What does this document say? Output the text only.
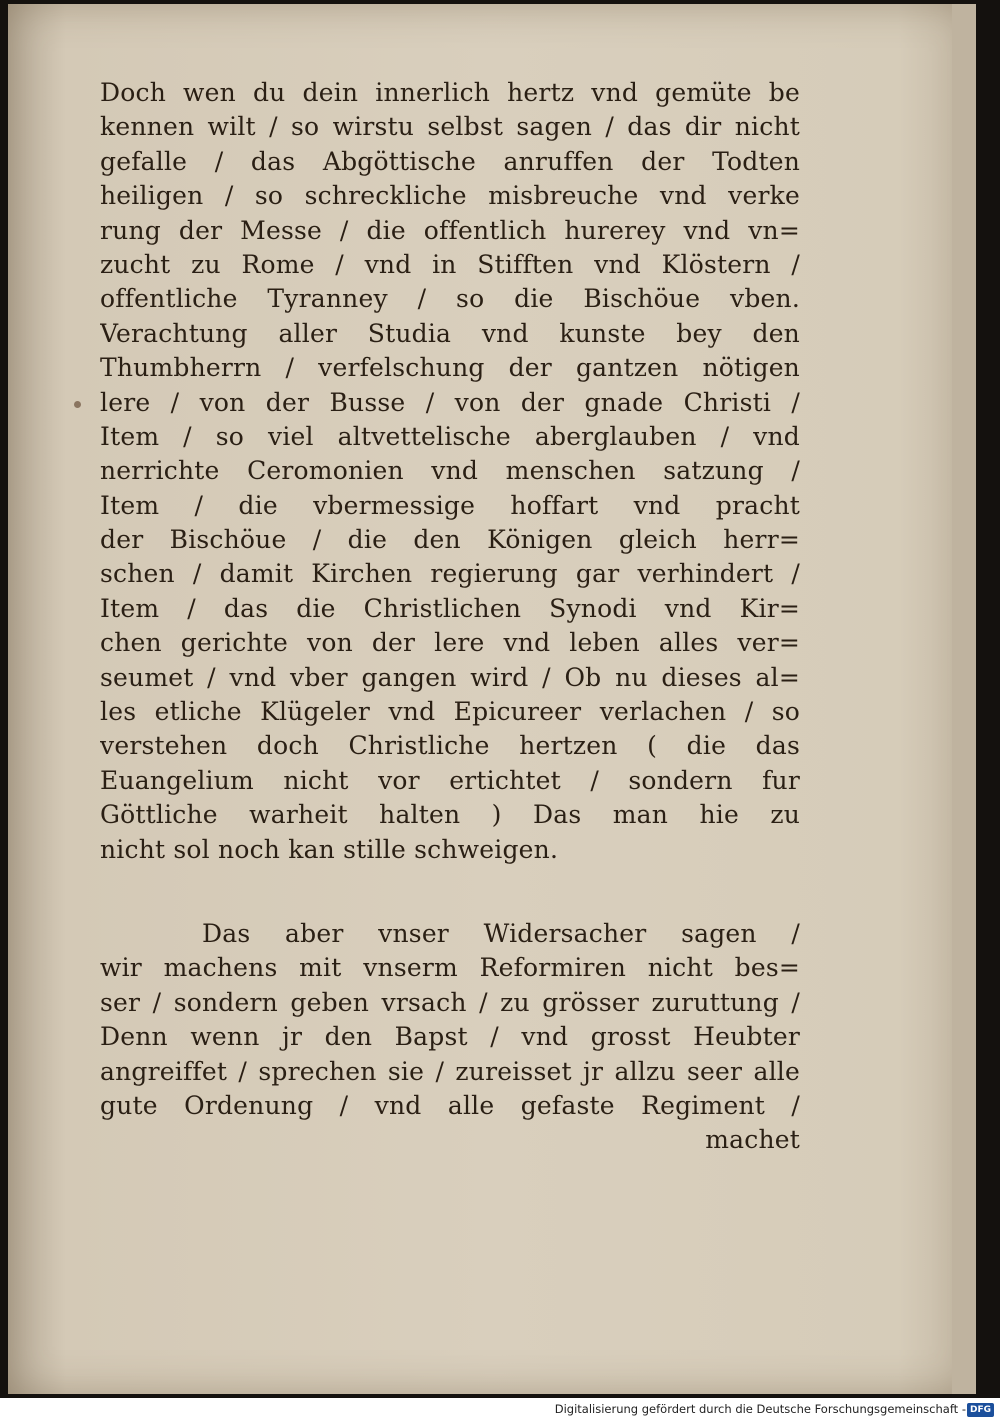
Doch wen du dein innerlich hertz vnd gemüte be
kennen wilt / so wirstu selbst sagen / das dir nicht
gefalle / das Abgöttische anruffen der Todten
heiligen / so schreckliche misbreuche vnd verke
rung der Messe / die offentlich hurerey vnd vn=
zucht zu Rome / vnd in Stifften vnd Klöstern /
offentliche Tyranney / so die Bischöue vben.
Verachtung aller Studia vnd kunste bey den
Thumbherrn / verfelschung der gantzen nötigen
lere / von der Busse / von der gnade Christi /
Item / so viel altvettelische aberglauben / vnd
nerrichte Ceromonien vnd menschen satzung /
Item / die vbermessige hoffart vnd pracht
der Bischöue / die den Königen gleich herr=
schen / damit Kirchen regierung gar verhindert /
Item / das die Christlichen Synodi vnd Kir=
chen gerichte von der lere vnd leben alles ver=
seumet / vnd vber gangen wird / Ob nu dieses al=
les etliche Klügeler vnd Epicureer verlachen / so
verstehen doch Christliche hertzen ( die das
Euangelium nicht vor ertichtet / sondern fur
Göttliche warheit halten ) Das man hie zu
nicht sol noch kan stille schweigen.
Das aber vnser Widersacher sagen /
wir machens mit vnserm Reformiren nicht bes=
ser / sondern geben vrsach / zu grösser zuruttung /
Denn wenn jr den Bapst / vnd grosst Heubter
angreiffet / sprechen sie / zureisset jr allzu seer alle
gute Ordenung / vnd alle gefaste Regiment /
machet
Digitalisierung gefördert durch die Deutsche Forschungsgemeinschaft - DFG
